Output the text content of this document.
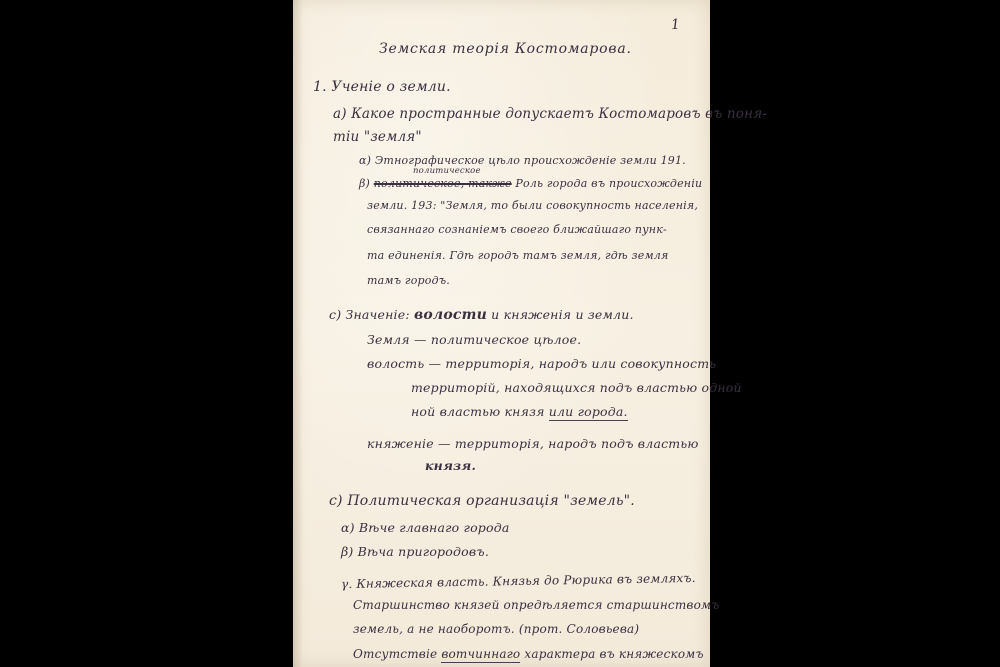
1
Земская теорія Костомарова.
1. Ученіе о земли.
а) Какое пространные допускаетъ Костомаровъ въ поня-
тіи "земля"
α) Этнографическое цѣло происхожденіе земли 191.
политическое
β) политическое, также Роль города въ происхожденіи
земли. 193: "Земля, то были совокупность населенія,
связаннаго сознаніемъ своего ближайшаго пунк-
та единенія. Гдѣ городъ тамъ земля, гдѣ земля
тамъ городъ.
с) Значеніе: волости и княженія и земли.
Земля — политическое цѣлое.
волость — территорія, народъ или совокупность
территорій, находящихся подъ властью одной
ной властью князя или города.
княженіе — территорія, народъ подъ властью
князя.
с) Политическая организація "земель".
α) Вѣче главнаго города
β) Вѣча пригородовъ.
γ. Княжеская власть. Князья до Рюрика въ земляхъ.
Старшинство князей опредѣляется старшинствомъ
земель, а не наоборотъ. (прот. Соловьева)
Отсутствіе вотчиннаго характера въ княжескомъ
